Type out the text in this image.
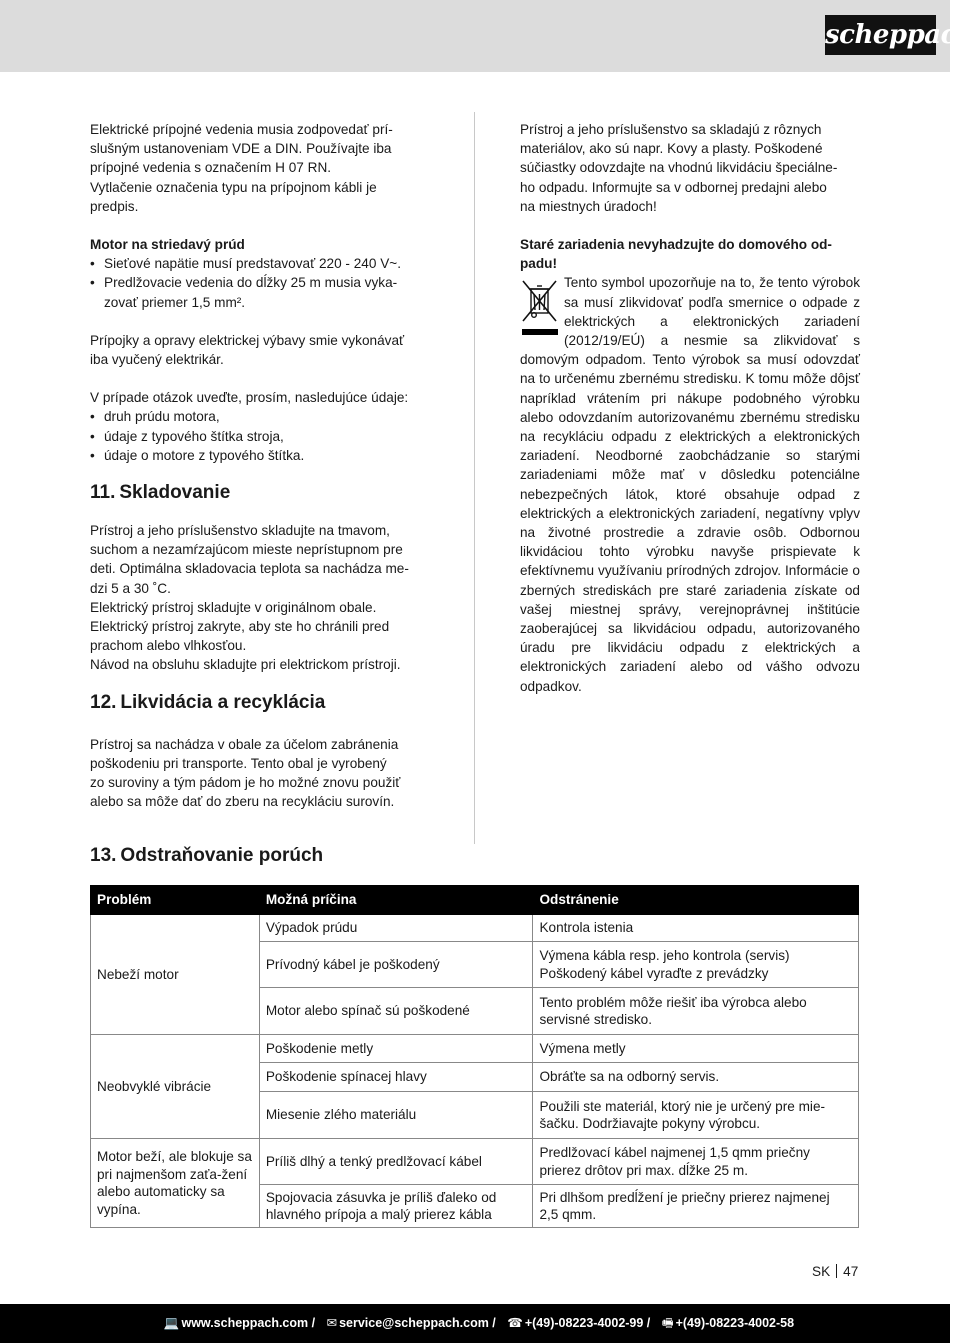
scheppach

Elektrické prípojné vedenia musia zodpovedať prí-

slušným ustanoveniam VDE a DIN. Používajte iba

prípojné vedenia s označením H 07 RN.

Vytlačenie označenia typu na prípojnom kábli je

predpis.

Motor na striedavý prúd

• Sieťové napätie musí predstavovať 220 - 240 V~.
• Predlžovacie vedenia do dĺžky 25 m musia vyka-zovať priemer 1,5 mm².

Prípojky a opravy elektrickej výbavy smie vykonávať

iba vyučený elektrikár.

V prípade otázok uveďte, prosím, nasledujúce údaje:

• druh prúdu motora,
• údaje z typového štítka stroja,
• údaje o motore z typového štítka.
11. Skladovanie

Prístroj a jeho príslušenstvo skladujte na tmavom,

suchom a nezamŕzajúcom mieste neprístupnom pre

deti. Optimálna skladovacia teplota sa nachádza me-

dzi 5 a 30 ˚C.

Elektrický prístroj skladujte v originálnom obale.

Elektrický prístroj zakryte, aby ste ho chránili pred

prachom alebo vlhkosťou.

Návod na obsluhu skladujte pri elektrickom prístroji.

12. Likvidácia a recyklácia

Prístroj sa nachádza v obale za účelom zabránenia

poškodeniu pri transporte. Tento obal je vyrobený

zo suroviny a tým pádom je ho možné znovu použiť

alebo sa môže dať do zberu na recykláciu surovín.

Prístroj a jeho príslušenstvo sa skladajú z rôznych

materiálov, ako sú napr. Kovy a plasty. Poškodené

súčiastky odovzdajte na vhodnú likvidáciu špeciálne-

ho odpadu. Informujte sa v odbornej predajni alebo

na miestnych úradoch!

Staré zariadenia nevyhadzujte do domového od-padu!

Tento symbol upozorňuje na to, že tento výrobok sa musí zlikvidovať podľa smernice o odpade z elektrických a elektronických zariadení (2012/19/EÚ) a nesmie sa zlikvidovať s domovým odpadom. Tento výrobok sa musí odovzdať na to určenému zbernému stredisku. K tomu môže dôjsť napríklad vrátením pri nákupe podobného výrobku alebo odovzdaním autorizovanému zbernému stredisku na recykláciu odpadu z elektrických a elektronických zariadení. Neodborné zaobchádzanie so starými zariadeniami môže mať v dôsledku potenciálne nebezpečných látok, ktoré obsahuje odpad z elektrických a elektronických zariadení, negatívny vplyv na životné prostredie a zdravie osôb. Odbornou likvidáciou tohto výrobku navyše prispievate k efektívnemu využívaniu prírodných zdrojov. Informácie o zberných strediskách pre staré zariadenia získate od vašej miestnej správy, verejnoprávnej inštitúcie zaoberajúcej sa likvidáciou odpadu, autorizovaného úradu pre likvidáciu odpadu z elektrických a elektronických zariadení alebo od vášho odvozu odpadkov.
13. Odstraňovanie porúch
Problém	Možná príčina	Odstránenie
Nebeží motor	Výpadok prúdu	Kontrola istenia
	Prívodný kábel je poškodený	Výmena kábla resp. jeho kontrola (servis)
Poškodený kábel vyraďte z prevádzky
	Motor alebo spínač sú poškodené	Tento problém môže riešiť iba výrobca alebo servisné stredisko.
Neobvyklé vibrácie	Poškodenie metly	Výmena metly
	Poškodenie spínacej hlavy	Obráťte sa na odborný servis.
	Miesenie zlého materiálu	Použili ste materiál, ktorý nie je určený pre mie-šačku. Dodržiavajte pokyny výrobcu.
Motor beží, ale blokuje sa pri najmenšom zaťa-žení alebo automaticky sa vypína.	Príliš dlhý a tenký predlžovací kábel	Predlžovací kábel najmenej 1,5 qmm priečny prierez drôtov pri max. dĺžke 25 m.
	Spojovacia zásuvka je príliš ďaleko od hlavného prípoja a malý prierez kábla	Pri dlhšom predĺžení je priečny prierez najmenej 2,5 qmm.
SK 47
💻 www.scheppach.com / ✉ service@scheppach.com / ☎ +(49)-08223-4002-99 / 🖷 +(49)-08223-4002-58
